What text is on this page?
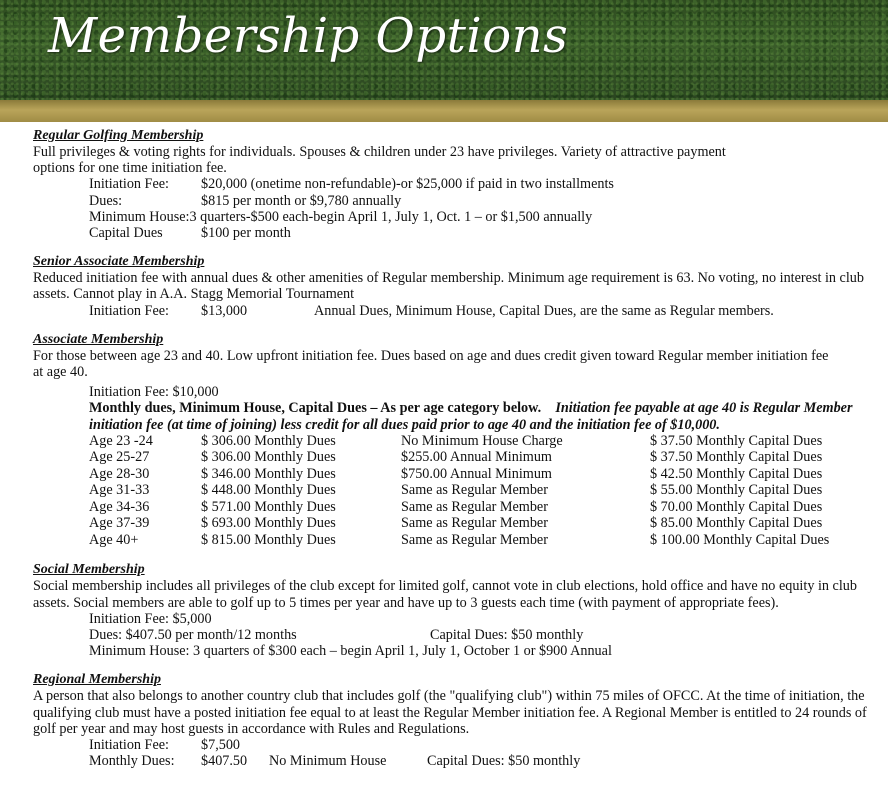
Membership Options
Regular Golfing Membership
Full privileges & voting rights for individuals. Spouses & children under 23 have privileges. Variety of attractive payment options for one time initiation fee.
Initiation Fee:	$20,000 (onetime non-refundable)-or $25,000 if paid in two installments
Dues:	$815 per month or $9,780 annually
Minimum House: 3 quarters-$500 each-begin April 1, July 1, Oct. 1 – or $1,500 annually
Capital Dues	$100 per month
Senior Associate Membership
Reduced initiation fee with annual dues & other amenities of Regular membership. Minimum age requirement is 63. No voting, no interest in club assets. Cannot play in A.A. Stagg Memorial Tournament
Initiation Fee:	$13,000	Annual Dues, Minimum House, Capital Dues, are the same as Regular members.
Associate Membership
For those between age 23 and 40. Low upfront initiation fee. Dues based on age and dues credit given toward Regular member initiation fee at age 40.
Initiation Fee: $10,000
Monthly dues, Minimum House, Capital Dues – As per age category below. Initiation fee payable at age 40 is Regular Member initiation fee (at time of joining) less credit for all dues paid prior to age 40 and the initiation fee of $10,000.
Age 23 -24	$ 306.00 Monthly Dues	No Minimum House Charge	$ 37.50 Monthly Capital Dues
Age 25-27	$ 306.00 Monthly Dues	$255.00 Annual Minimum	$ 37.50 Monthly Capital Dues
Age 28-30	$ 346.00 Monthly Dues	$750.00 Annual Minimum	$ 42.50 Monthly Capital Dues
Age 31-33	$ 448.00 Monthly Dues	Same as Regular Member	$ 55.00 Monthly Capital Dues
Age 34-36	$ 571.00 Monthly Dues	Same as Regular Member	$ 70.00 Monthly Capital Dues
Age 37-39	$ 693.00 Monthly Dues	Same as Regular Member	$ 85.00 Monthly Capital Dues
Age 40+	$ 815.00 Monthly Dues	Same as Regular Member	$ 100.00 Monthly Capital Dues
Social Membership
Social membership includes all privileges of the club except for limited golf, cannot vote in club elections, hold office and have no equity in club assets. Social members are able to golf up to 5 times per year and have up to 3 guests each time (with payment of appropriate fees).
Initiation Fee: $5,000
Dues: $407.50 per month/12 months	Capital Dues: $50 monthly
Minimum House: 3 quarters of $300 each – begin April 1, July 1, October 1 or $900 Annual
Regional Membership
A person that also belongs to another country club that includes golf (the "qualifying club") within 75 miles of OFCC. At the time of initiation, the qualifying club must have a posted initiation fee equal to at least the Regular Member initiation fee. A Regional Member is entitled to 24 rounds of golf per year and may host guests in accordance with Rules and Regulations.
Initiation Fee:	$7,500
Monthly Dues:	$407.50	No Minimum House	Capital Dues: $50 monthly
